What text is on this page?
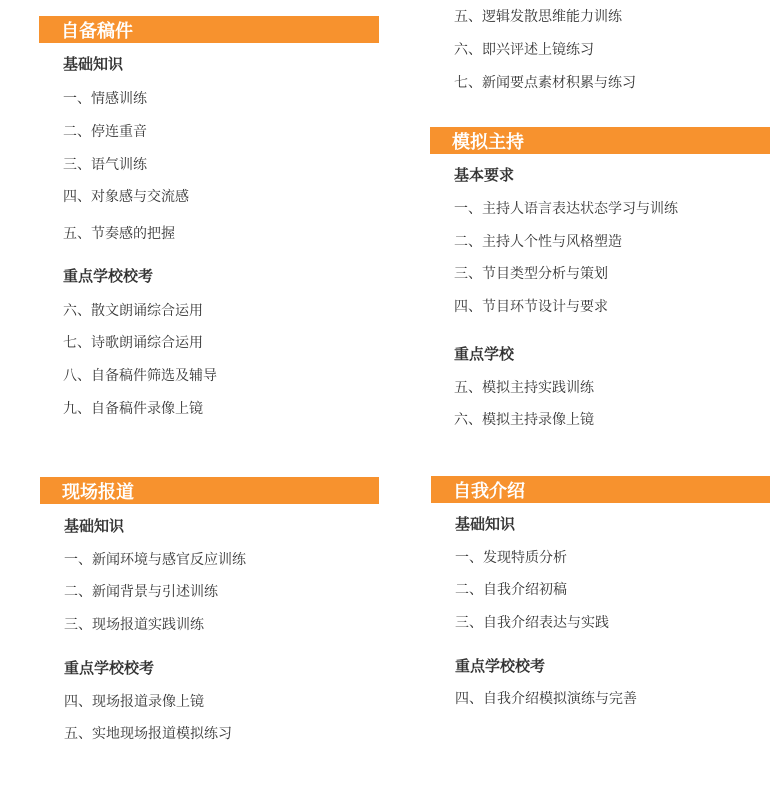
自备稿件
基础知识
一、情感训练
二、停连重音
三、语气训练
四、对象感与交流感
五、节奏感的把握
重点学校校考
六、散文朗诵综合运用
七、诗歌朗诵综合运用
八、自备稿件筛选及辅导
九、自备稿件录像上镜
五、逻辑发散思维能力训练
六、即兴评述上镜练习
七、新闻要点素材积累与练习
模拟主持
基本要求
一、主持人语言表达状态学习与训练
二、主持人个性与风格塑造
三、节目类型分析与策划
四、节目环节设计与要求
重点学校
五、模拟主持实践训练
六、模拟主持录像上镜
现场报道
基础知识
一、新闻环境与感官反应训练
二、新闻背景与引述训练
三、现场报道实践训练
重点学校校考
四、现场报道录像上镜
五、实地现场报道模拟练习
自我介绍
基础知识
一、发现特质分析
二、自我介绍初稿
三、自我介绍表达与实践
重点学校校考
四、自我介绍模拟演练与完善
